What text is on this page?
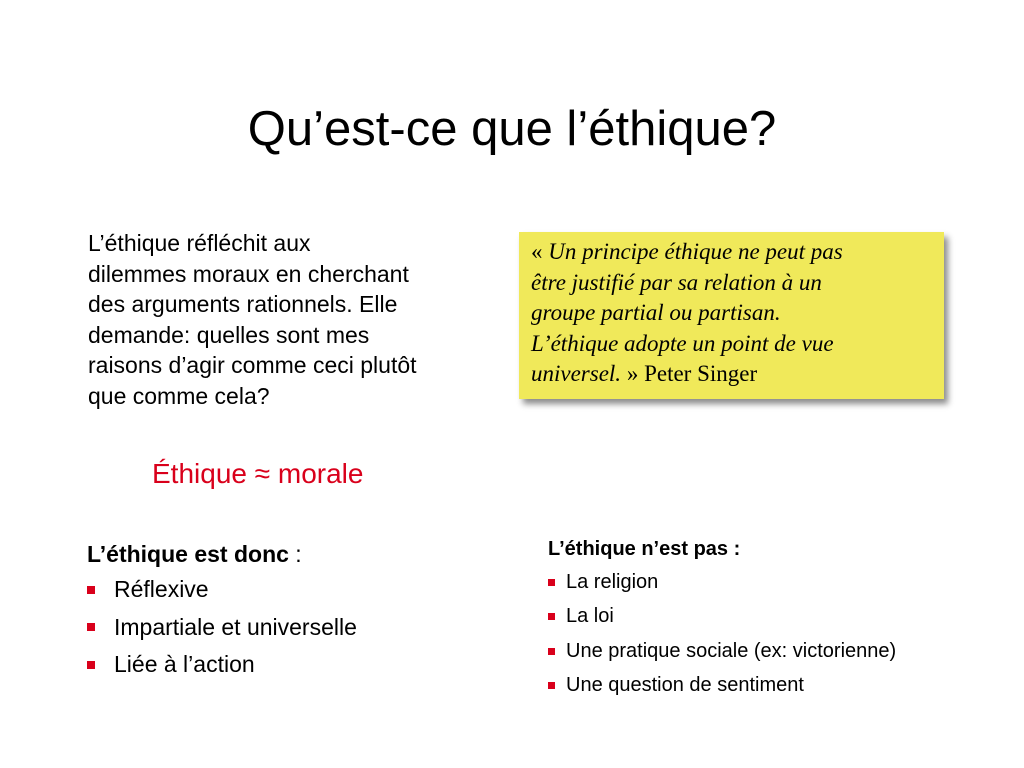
Qu’est-ce que l’éthique?

L’éthique réfléchit aux
dilemmes moraux en cherchant
des arguments rationnels. Elle
demande: quelles sont mes
raisons d’agir comme ceci plutôt
que comme cela?

Éthique ≈ morale

« Un principe éthique ne peut pas
être justifié par sa relation à un
groupe partial ou partisan.
L’éthique adopte un point de vue
universel. » Peter Singer
L’éthique est donc :
Réflexive
Impartiale et universelle
Liée à l’action
L’éthique n’est pas :
La religion
La loi
Une pratique sociale (ex: victorienne)
Une question de sentiment
